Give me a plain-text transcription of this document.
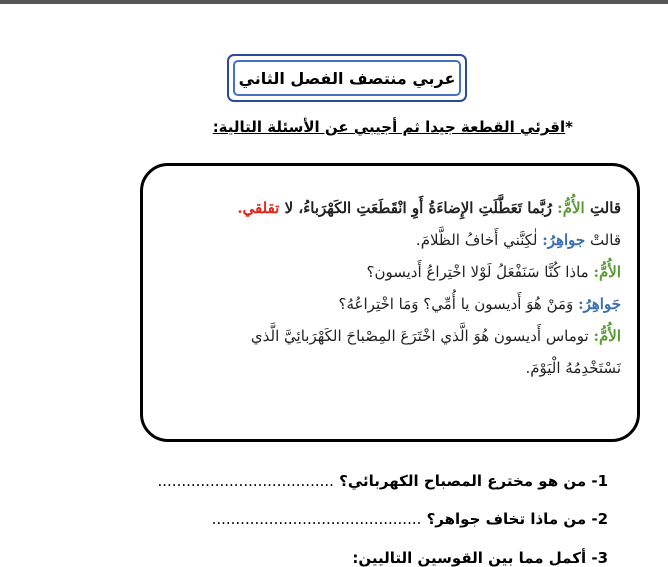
عربي منتصف الفصل الثاني
*اقرئي القطعة جيدا ثم أجيبي عن الأسئلة التالية:
قالتِ الأُمُّ: رُبَّما تَعَطَّلَتِ الإِضاءَةُ أَوِ انْقَطَعَتِ الكَهْرَباءُ، لا تقلقي.
قالتْ جواهِرُ: لٰكِنَّني أَخافُ الظَّلامَ.
الأُمُّ: ماذا كُنَّا سَنَفْعَلُ لَوْلا اخْتِراعُ أَديسون؟
جَواهِرُ: وَمَنْ هُوَ أَديسون يا أُمِّي؟ وَمَا اخْتِراعُهُ؟
الأُمُّ: توماس أَديسون هُوَ الَّذي اخْتَرَعَ المِصْباحَ الكَهْرَبائِيَّ الَّذي
نَسْتَخْدِمُهُ الْيَوْمَ.
1- من هو مخترع المصباح الكهربائي؟ .....................................
2- من ماذا تخاف جواهر؟ ............................................
3- أكمل مما بين القوسين التاليين:
